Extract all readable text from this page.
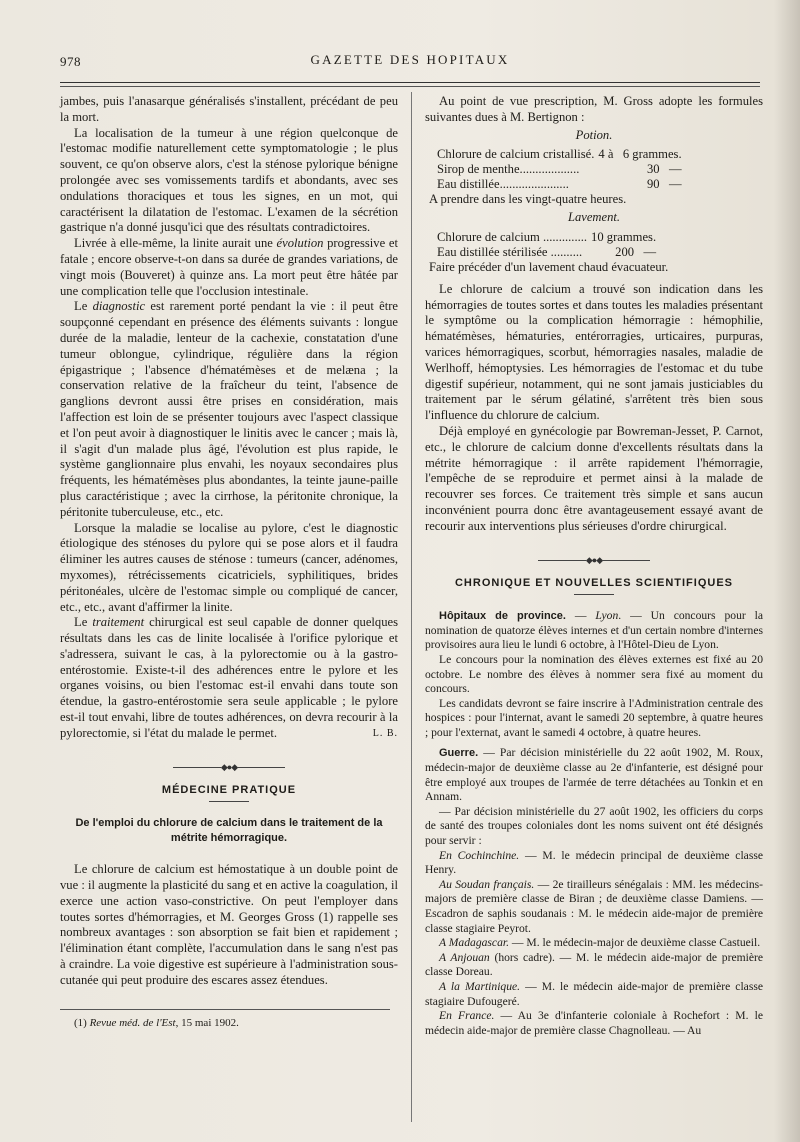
978	GAZETTE DES HOPITAUX

jambes, puis l'anasarque généralisés s'installent, précédant de peu la mort.

La localisation de la tumeur à une région quelconque de l'estomac modifie naturellement cette symptomatologie ; le plus souvent, ce qu'on observe alors, c'est la sténose pylorique bénigne prolongée avec ses vomissements tardifs et abondants, avec ses ondulations thoraciques et tous les signes, en un mot, qui caractérisent la dilatation de l'estomac. L'examen de la sécrétion gastrique n'a donné jusqu'ici que des résultats contradictoires.

Livrée à elle-même, la linite aurait une évolution progressive et fatale ; encore observe-t-on dans sa durée de grandes variations, de vingt mois (Bouveret) à quinze ans. La mort peut être hâtée par une complication telle que l'occlusion intestinale.

Le diagnostic est rarement porté pendant la vie : il peut être soupçonné cependant en présence des éléments suivants : longue durée de la maladie, lenteur de la cachexie, constatation d'une tumeur oblongue, cylindrique, régulière dans la région épigastrique ; l'absence d'hématémèses et de melæna ; la conservation relative de la fraîcheur du teint, l'absence de ganglions devront aussi être prises en considération, mais l'affection est loin de se présenter toujours avec l'aspect classique et l'on peut avoir à diagnostiquer le linitis avec le cancer ; mais là, il s'agit d'un malade plus âgé, l'évolution est plus rapide, le système ganglionnaire plus envahi, les noyaux secondaires plus fréquents, les hématémèses plus abondantes, la teinte jaune-paille plus caractéristique ; avec la cirrhose, la péritonite chronique, la péritonite tuberculeuse, etc., etc.

Lorsque la maladie se localise au pylore, c'est le diagnostic étiologique des sténoses du pylore qui se pose alors et il faudra éliminer les autres causes de sténose : tumeurs (cancer, adénomes, myxomes), rétrécissements cicatriciels, syphilitiques, brides péritonéales, ulcère de l'estomac simple ou compliqué de cancer, etc., etc., avant d'affirmer la linite.

Le traitement chirurgical est seul capable de donner quelques résultats dans les cas de linite localisée à l'orifice pylorique et s'adressera, suivant le cas, à la pylorectomie ou à la gastro-entérostomie. Existe-t-il des adhérences entre le pylore et les organes voisins, ou bien l'estomac est-il envahi dans toute son étendue, la gastro-entérostomie sera seule applicable ; le pylore est-il tout envahi, libre de toutes adhérences, on devra recourir à la pylorectomie, si l'état du malade le permet.	L. B.

◆●◆
MÉDECINE PRATIQUE
De l'emploi du chlorure de calcium dans le traitement de la métrite hémorragique.

Le chlorure de calcium est hémostatique à un double point de vue : il augmente la plasticité du sang et en active la coagulation, il exerce une action vaso-constrictive. On peut l'employer dans toutes sortes d'hémorragies, et M. Georges Gross (1) rappelle ses nombreux avantages : son absorption se fait bien et rapidement ; l'élimination étant complète, l'accumulation dans le sang n'est pas à craindre. La voie digestive est supérieure à l'administration sous-cutanée qui peut produire des escares assez étendues.

(1) Revue méd. de l'Est, 15 mai 1902.

Au point de vue prescription, M. Gross adopte les formules suivantes dues à M. Bertignon :

Potion.

Chlorure de calcium cristallisé.	4 à   6 grammes.
Sirop de menthe...................	30   —
Eau distillée......................	90   —

A prendre dans les vingt-quatre heures.

Lavement.

Chlorure de calcium ..............	10 grammes.
Eau distillée stérilisée ..........	200   —

Faire précéder d'un lavement chaud évacuateur.

Le chlorure de calcium a trouvé son indication dans les hémorragies de toutes sortes et dans toutes les maladies présentant le symptôme ou la complication hémorragie : hémophilie, hématémèses, hématuries, entérorragies, urticaires, purpuras, varices hémorragiques, scorbut, hémorragies nasales, maladie de Werlhoff, hémoptysies. Les hémorragies de l'estomac et du tube digestif supérieur, notamment, qui ne sont jamais justiciables du traitement par le sérum gélatiné, s'arrêtent très bien sous l'influence du chlorure de calcium.

Déjà employé en gynécologie par Bowreman-Jesset, P. Carnot, etc., le chlorure de calcium donne d'excellents résultats dans la métrite hémorragique : il arrête rapidement l'hémorragie, l'empêche de se reproduire et permet ainsi à la malade de recouvrer ses forces. Ce traitement très simple et sans aucun inconvénient pourra donc être avantageusement essayé avant de recourir aux interventions plus sérieuses d'ordre chirurgical.

◆●◆
CHRONIQUE ET NOUVELLES SCIENTIFIQUES

Hôpitaux de province. — Lyon. — Un concours pour la nomination de quatorze élèves internes et d'un certain nombre d'internes provisoires aura lieu le lundi 6 octobre, à l'Hôtel-Dieu de Lyon.

Le concours pour la nomination des élèves externes est fixé au 20 octobre. Le nombre des élèves à nommer sera fixé au moment du concours.

Les candidats devront se faire inscrire à l'Administration centrale des hospices : pour l'internat, avant le samedi 20 septembre, à quatre heures ; pour l'externat, avant le samedi 4 octobre, à quatre heures.

Guerre. — Par décision ministérielle du 22 août 1902, M. Roux, médecin-major de deuxième classe au 2e d'infanterie, est désigné pour être employé aux troupes de l'armée de terre détachées au Tonkin et en Annam.

— Par décision ministérielle du 27 août 1902, les officiers du corps de santé des troupes coloniales dont les noms suivent ont été désignés pour servir :

En Cochinchine. — M. le médecin principal de deuxième classe Henry.

Au Soudan français. — 2e tirailleurs sénégalais : MM. les médecins-majors de première classe de Biran ; de deuxième classe Damiens. — Escadron de saphis soudanais : M. le médecin aide-major de première classe stagiaire Peyrot.

A Madagascar. — M. le médecin-major de deuxième classe Castueil.

A Anjouan (hors cadre). — M. le médecin aide-major de première classe Doreau.

A la Martinique. — M. le médecin aide-major de première classe stagiaire Dufougeré.

En France. — Au 3e d'infanterie coloniale à Rochefort : M. le médecin aide-major de première classe Chagnolleau. — Au
